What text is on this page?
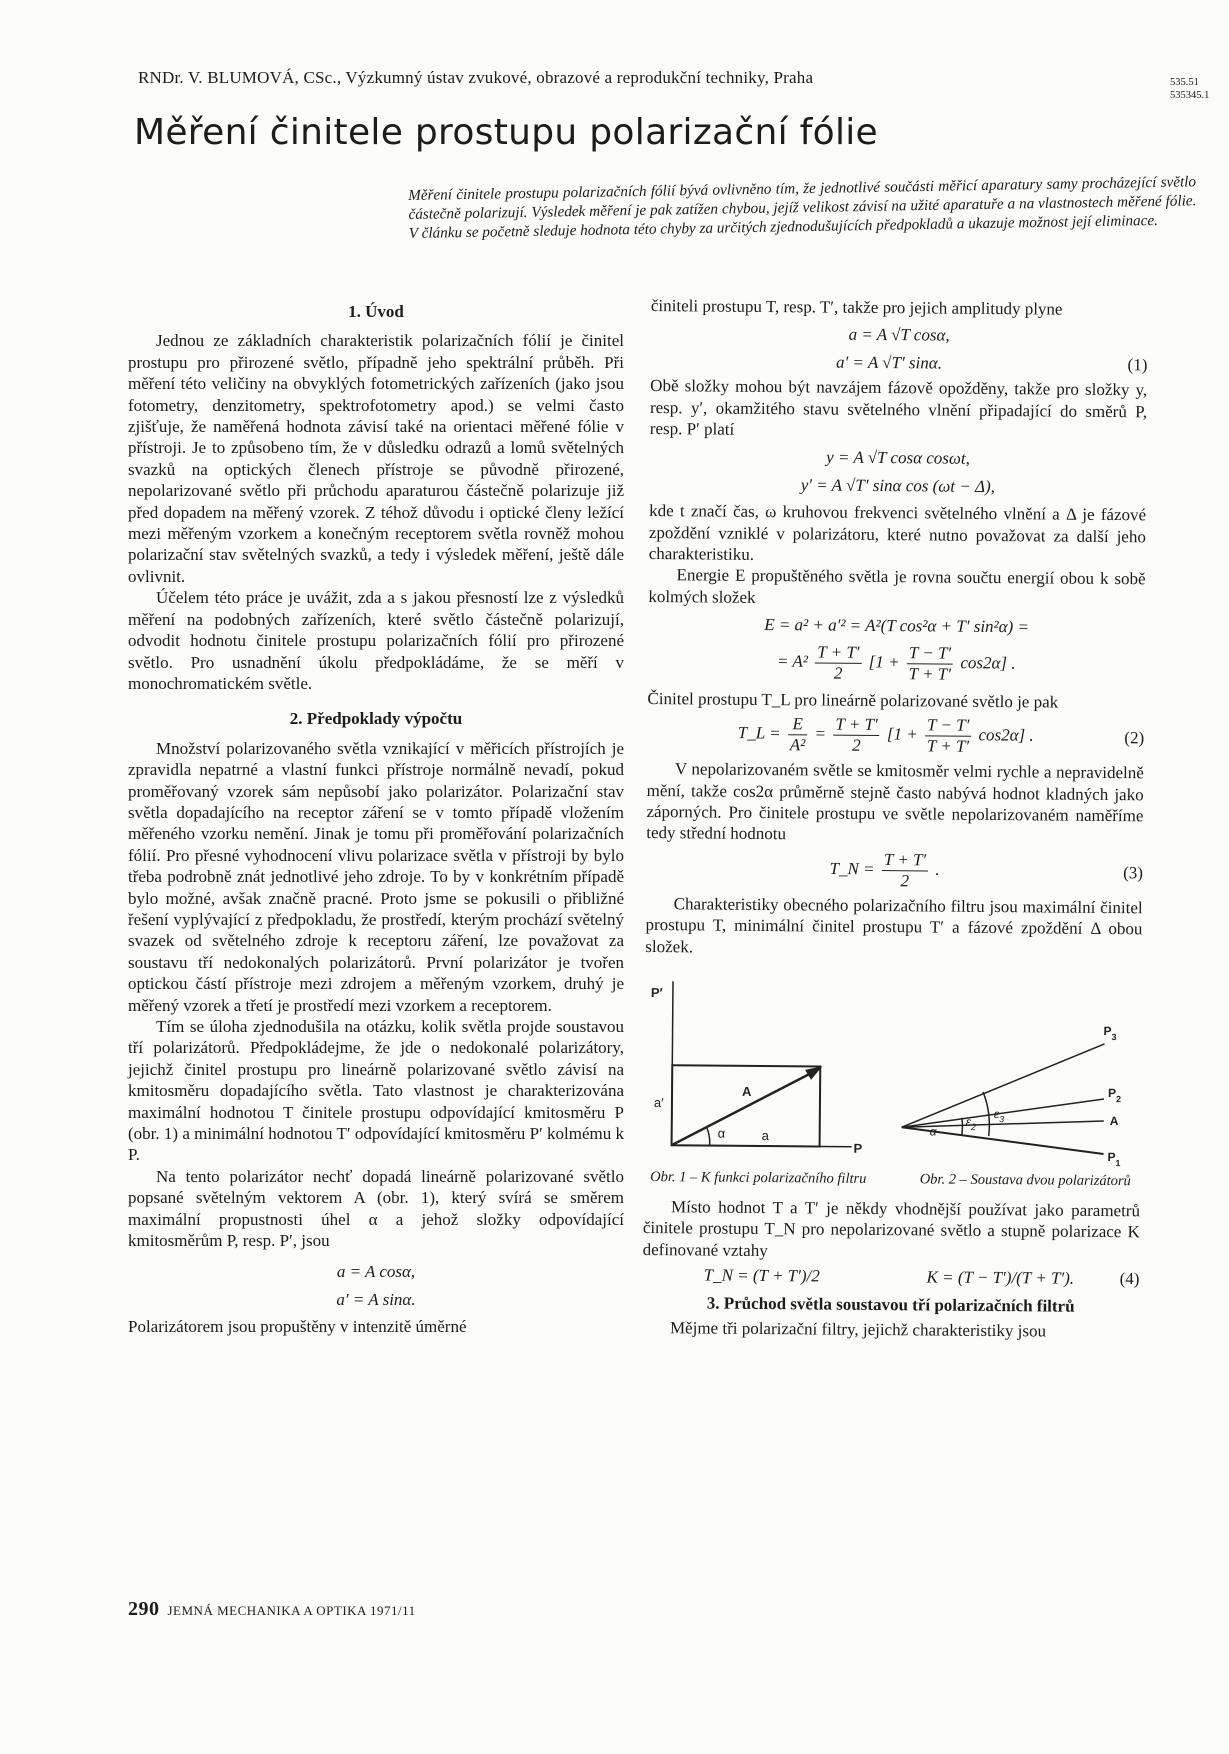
RNDr. V. BLUMOVÁ, CSc., Výzkumný ústav zvukové, obrazové a reprodukční techniky, Praha	535.51
535345.1
Měření činitele prostupu polarizační fólie
Měření činitele prostupu polarizačních fólií bývá ovlivněno tím, že jednotlivé součásti měřicí aparatury samy procházející světlo částečně polarizují. Výsledek měření je pak zatížen chybou, jejíž velikost závisí na užité aparatuře a na vlastnostech měřené fólie. V článku se početně sleduje hodnota této chyby za určitých zjednodušujících předpokladů a ukazuje možnost její eliminace.
1. Úvod

Jednou ze základních charakteristik polarizačních fólií je činitel prostupu pro přirozené světlo, případně jeho spektrální průběh. Při měření této veličiny na obvyklých fotometrických zařízeních (jako jsou fotometry, denzitometry, spektrofotometry apod.) se velmi často zjišťuje, že naměřená hodnota závisí také na orientaci měřené fólie v přístroji. Je to způsobeno tím, že v důsledku odrazů a lomů světelných svazků na optických členech přístroje se původně přirozené, nepolarizované světlo při průchodu aparaturou částečně polarizuje již před dopadem na měřený vzorek. Z téhož důvodu i optické členy ležící mezi měřeným vzorkem a konečným receptorem světla rovněž mohou polarizační stav světelných svazků, a tedy i výsledek měření, ještě dále ovlivnit.

Účelem této práce je uvážit, zda a s jakou přesností lze z výsledků měření na podobných zařízeních, které světlo částečně polarizují, odvodit hodnotu činitele prostupu polarizačních fólií pro přirozené světlo. Pro usnadnění úkolu předpokládáme, že se měří v monochromatickém světle.

2. Předpoklady výpočtu

Množství polarizovaného světla vznikající v měřicích přístrojích je zpravidla nepatrné a vlastní funkci přístroje normálně nevadí, pokud proměřovaný vzorek sám nepůsobí jako polarizátor. Polarizační stav světla dopadajícího na receptor záření se v tomto případě vložením měřeného vzorku nemění. Jinak je tomu při proměřování polarizačních fólií. Pro přesné vyhodnocení vlivu polarizace světla v přístroji by bylo třeba podrobně znát jednotlivé jeho zdroje. To by v konkrétním případě bylo možné, avšak značně pracné. Proto jsme se pokusili o přibližné řešení vyplývající z předpokladu, že prostředí, kterým prochází světelný svazek od světelného zdroje k receptoru záření, lze považovat za soustavu tří nedokonalých polarizátorů. První polarizátor je tvořen optickou částí přístroje mezi zdrojem a měřeným vzorkem, druhý je měřený vzorek a třetí je prostředí mezi vzorkem a receptorem.

Tím se úloha zjednodušila na otázku, kolik světla projde soustavou tří polarizátorů. Předpokládejme, že jde o nedokonalé polarizátory, jejichž činitel prostupu pro lineárně polarizované světlo závisí na kmitosměru dopadajícího světla. Tato vlastnost je charakterizována maximální hodnotou T činitele prostupu odpovídající kmitosměru P (obr. 1) a minimální hodnotou T′ odpovídající kmitosměru P′ kolmému k P.

Na tento polarizátor nechť dopadá lineárně polarizované světlo popsané světelným vektorem A (obr. 1), který svírá se směrem maximální propustnosti úhel α a jehož složky odpovídající kmitosměrům P, resp. P′, jsou

a = A cosα,
a′ = A sinα.

Polarizátorem jsou propuštěny v intenzitě úměrné

činiteli prostupu T, resp. T′, takže pro jejich amplitudy plyne

a = A √T cosα,
a′ = A √T′ sinα.	(1)

Obě složky mohou být navzájem fázově opožděny, takže pro složky y, resp. y′, okamžitého stavu světelného vlnění připadající do směrů P, resp. P′ platí

y = A √T cosα cosωt,
y′ = A √T′ sinα cos (ωt − Δ),

kde t značí čas, ω kruhovou frekvenci světelného vlnění a Δ je fázové zpoždění vzniklé v polarizátoru, které nutno považovat za další jeho charakteristiku.

Energie E propuštěného světla je rovna součtu energií obou k sobě kolmých složek

E = a² + a′² = A²(T cos²α + T′ sin²α) =
= $A^2 \frac{T + T'}{2} [1 + \frac{T - T'}{T + T'} \cos 2\alpha]$ .

Činitel prostupu T_L pro lineárně polarizované světlo je pak

T_L = $\frac{E}{\text{A²}} = \frac{T + T'}{2} [1 + \frac{T - T'}{T + T'} \cos 2\alpha]$ .	(2)

V nepolarizovaném světle se kmitosměr velmi rychle a nepravidelně mění, takže cos2α průměrně stejně často nabývá hodnot kladných jako záporných. Pro činitele prostupu ve světle nepolarizovaném naměříme tedy střední hodnotu

T_N = $\frac{T + T'}{2}$ .	(3)

Charakteristiky obecného polarizačního filtru jsou maximální činitel prostupu T, minimální činitel prostupu T′ a fázové zpoždění Δ obou složek.

P′
a′
A
α	a
P
$P_3$
$P_2$
A
$P_1$
α
$\varepsilon_2$
$\varepsilon_3$
Obr. 1 – K funkci polarizačního filtru	Obr. 2 – Soustava dvou polarizátorů

Místo hodnot T a T′ je někdy vhodnější používat jako parametrů činitele prostupu T_N pro nepolarizované světlo a stupně polarizace K definované vztahy

T_N = (T + T′)/2	K = (T − T′)/(T + T′).	(4)
3. Průchod světla soustavou tří polarizačních filtrů

Mějme tři polarizační filtry, jejichž charakteristiky jsou

290 JEMNÁ MECHANIKA A OPTIKA 1971/11
